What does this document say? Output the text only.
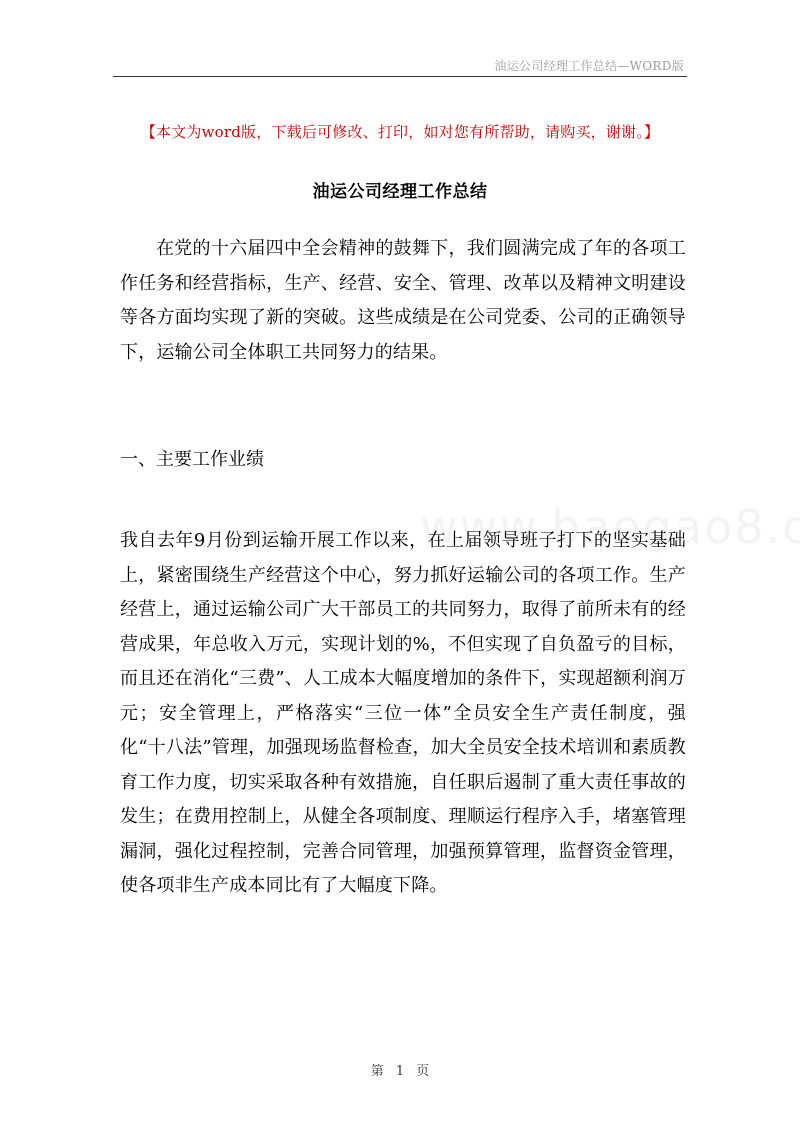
油运公司经理工作总结—WORD版
【本文为word版，下载后可修改、打印，如对您有所帮助，请购买，谢谢。】
油运公司经理工作总结
在党的十六届四中全会精神的鼓舞下，我们圆满完成了年的各项工作任务和经营指标，生产、经营、安全、管理、改革以及精神文明建设等各方面均实现了新的突破。这些成绩是在公司党委、公司的正确领导下，运输公司全体职工共同努力的结果。
一、主要工作业绩
我自去年9月份到运输开展工作以来，在上届领导班子打下的坚实基础上，紧密围绕生产经营这个中心，努力抓好运输公司的各项工作。生产经营上，通过运输公司广大干部员工的共同努力，取得了前所未有的经营成果，年总收入万元，实现计划的%，不但实现了自负盈亏的目标，而且还在消化“三费”、人工成本大幅度增加的条件下，实现超额利润万元；安全管理上，严格落实“三位一体”全员安全生产责任制度，强化“十八法”管理，加强现场监督检查，加大全员安全技术培训和素质教育工作力度，切实采取各种有效措施，自任职后遏制了重大责任事故的发生；在费用控制上，从健全各项制度、理顺运行程序入手，堵塞管理漏洞，强化过程控制，完善合同管理，加强预算管理，监督资金管理，使各项非生产成本同比有了大幅度下降。
第 1 页
